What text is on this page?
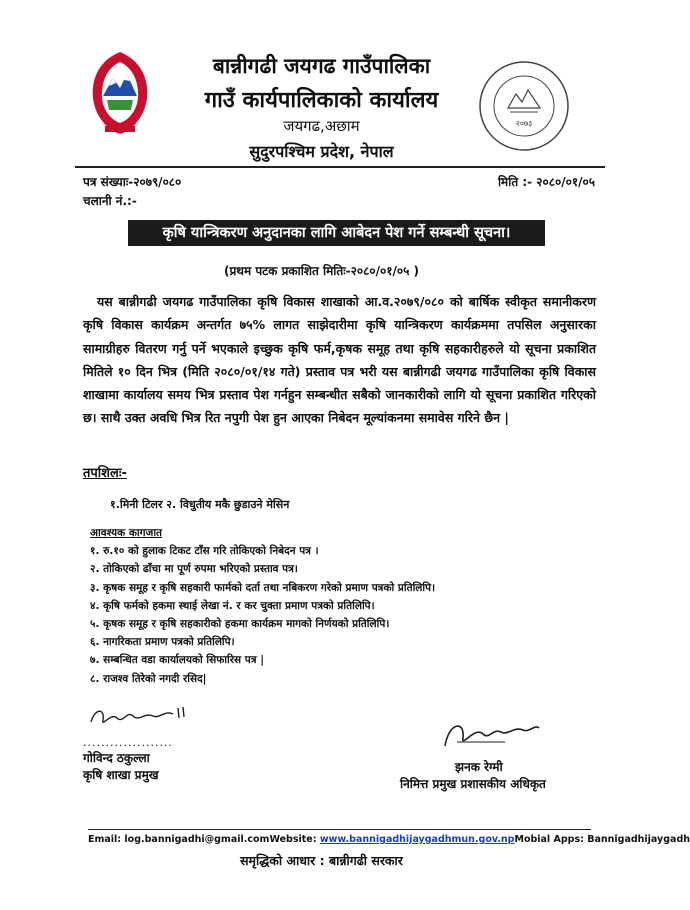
बान्नीगढी जयगढ गाउँपालिका
गाउँ कार्यपालिकाको कार्यालय
जयगढ,अछाम
सुदुरपश्चिम प्रदेश, नेपाल
२०७३
पत्र संख्याः-२०७९/०८०	मिति :- २०८०/०१/०५
चलानी नं.:-
कृषि यान्त्रिकरण अनुदानका लागि आबेदन पेश गर्ने सम्बन्धी सूचना।
(प्रथम पटक प्रकाशित मितिः-२०८०/०१/०५ )
यस बान्नीगढी जयगढ गाउँपालिका कृषि विकास शाखाको आ.व.२०७९/०८० को बार्षिक स्वीकृत समानीकरण कृषि विकास कार्यक्रम अन्तर्गत ७५% लागत साझेदारीमा कृषि यान्त्रिकरण कार्यक्रममा तपसिल अनुसारका सामाग्रीहरु वितरण गर्नु पर्ने भएकाले इच्छुक कृषि फर्म,कृषक समूह तथा कृषि सहकारीहरुले यो सूचना प्रकाशित मितिले १० दिन भित्र (मिति २०८०/०१/१४ गते) प्रस्ताव पत्र भरी यस बान्नीगढी जयगढ गाउँपालिका कृषि विकास शाखामा कार्यालय समय भित्र प्रस्ताव पेश गर्नहुन सम्बन्धीत सबैको जानकारीको लागि यो सूचना प्रकाशित गरिएको छ। साथै उक्त अवधि भित्र रित नपुगी पेश हुन आएका निबेदन मूल्यांकनमा समावेस गरिने छैन |
तपशिलः-
१.मिनी टिलर २. विधुतीय मकै छुडाउने मेसिन
आवश्यक कागजात
१. रु.१० को हुलाक टिकट टाँस गरि तोकिएको निबेदन पत्र ।
२. तोकिएको ढाँचा मा पूर्ण रुपमा भरिएको प्रस्ताव पत्र।
३. कृषक समूह र कृषि सहकारी फार्मको दर्ता तथा नबिकरण गरेको प्रमाण पत्रको प्रतिलिपि।
४. कृषि फर्मको हकमा स्थाई लेखा नं. र कर चुक्ता प्रमाण पत्रको प्रतिलिपि।
५. कृषक समूह र कृषि सहकारीको हकमा कार्यक्रम मागको निर्णयको प्रतिलिपि।
६. नागरिकता प्रमाण पत्रको प्रतिलिपि।
७. सम्बन्धित वडा कार्यालयको सिफारिस पत्र |
८. राजश्व तिरेको नगदी रसिद|
....................
गोविन्द ठकुल्ला
कृषि शाखा प्रमुख
झनक रेग्मी
निमित्त प्रमुख प्रशासकीय अधिकृत
Email: log.bannigadhi@gmail.comWebsite: www.bannigadhijaygadhmun.gov.npMobial Apps: Bannigadhijaygadh
समृद्धिको आधार : बान्नीगढी सरकार
